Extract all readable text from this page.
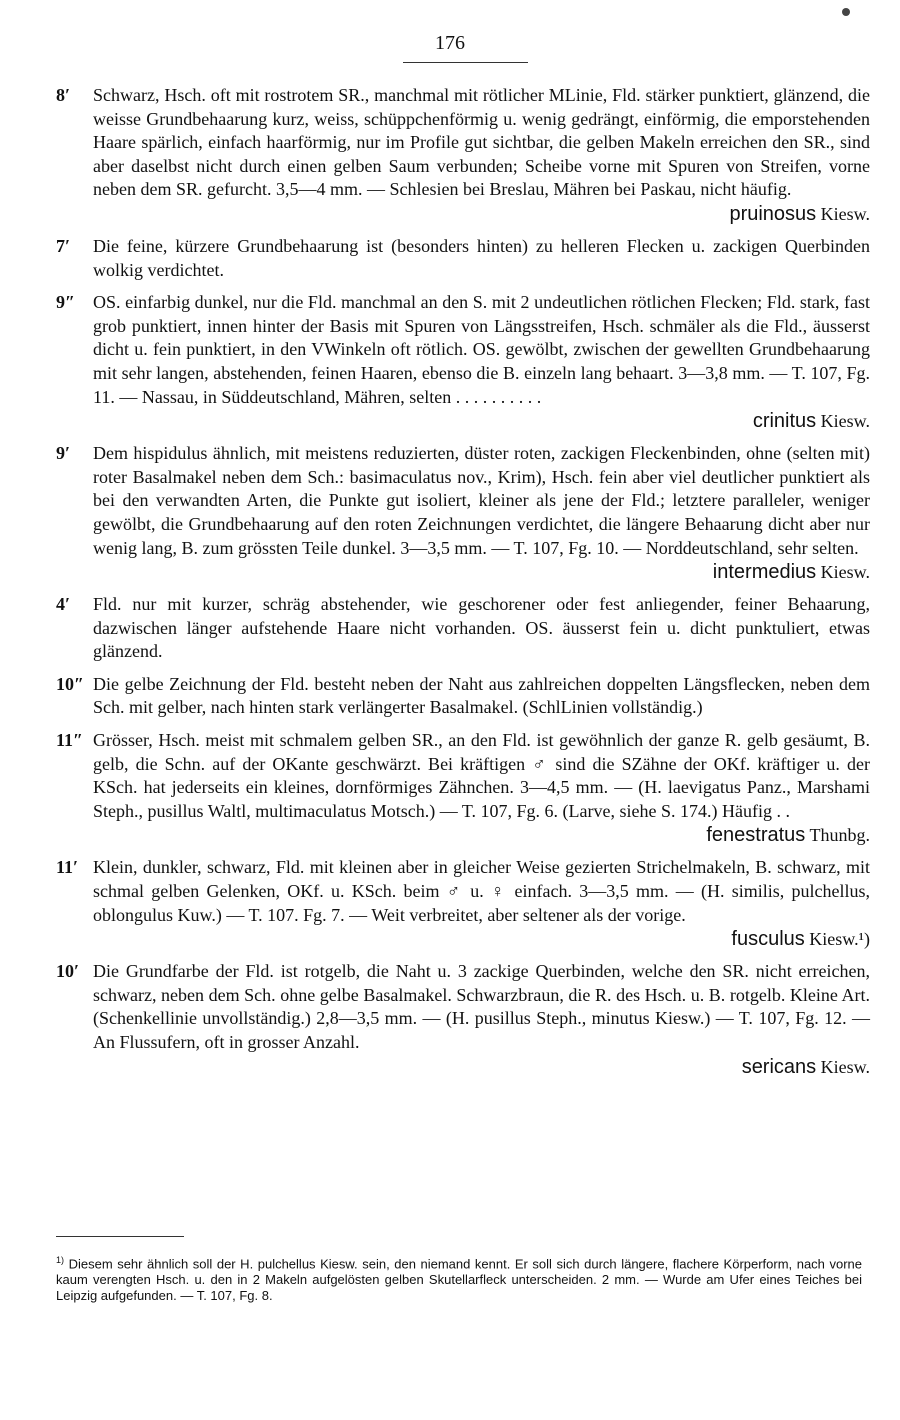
176
8′ Schwarz, Hsch. oft mit rostrotem SR., manchmal mit rötlicher MLinie, Fld. stärker punktiert, glänzend, die weisse Grundbehaarung kurz, weiss, schüppchenförmig u. wenig gedrängt, einförmig, die emporstehenden Haare spärlich, einfach haarförmig, nur im Profile gut sichtbar, die gelben Makeln erreichen den SR., sind aber daselbst nicht durch einen gelben Saum verbunden; Scheibe vorne mit Spuren von Streifen, vorne neben dem SR. gefurcht. 3,5—4 mm. — Schlesien bei Breslau, Mähren bei Paskau, nicht häufig.
pruinosus Kiesw.
7′ Die feine, kürzere Grundbehaarung ist (besonders hinten) zu helleren Flecken u. zackigen Querbinden wolkig verdichtet.
9″ OS. einfarbig dunkel, nur die Fld. manchmal an den S. mit 2 undeutlichen rötlichen Flecken; Fld. stark, fast grob punktiert, innen hinter der Basis mit Spuren von Längsstreifen, Hsch. schmäler als die Fld., äusserst dicht u. fein punktiert, in den VWinkeln oft rötlich. OS. gewölbt, zwischen der gewellten Grundbehaarung mit sehr langen, abstehenden, feinen Haaren, ebenso die B. einzeln lang behaart. 3—3,8 mm. — T. 107, Fg. 11. — Nassau, in Süddeutschland, Mähren, selten . . . . . . . . . .
crinitus Kiesw.
9′ Dem hispidulus ähnlich, mit meistens reduzierten, düster roten, zackigen Fleckenbinden, ohne (selten mit) roter Basalmakel neben dem Sch.: basimaculatus nov., Krim), Hsch. fein aber viel deutlicher punktiert als bei den verwandten Arten, die Punkte gut isoliert, kleiner als jene der Fld.; letztere paralleler, weniger gewölbt, die Grundbehaarung auf den roten Zeichnungen verdichtet, die längere Behaarung dicht aber nur wenig lang, B. zum grössten Teile dunkel. 3—3,5 mm. — T. 107, Fg. 10. — Norddeutschland, sehr selten.
intermedius Kiesw.
4′ Fld. nur mit kurzer, schräg abstehender, wie geschorener oder fest anliegender, feiner Behaarung, dazwischen länger aufstehende Haare nicht vorhanden. OS. äusserst fein u. dicht punktuliert, etwas glänzend.
10″ Die gelbe Zeichnung der Fld. besteht neben der Naht aus zahlreichen doppelten Längsflecken, neben dem Sch. mit gelber, nach hinten stark verlängerter Basalmakel. (SchlLinien vollständig.)
11″ Grösser, Hsch. meist mit schmalem gelben SR., an den Fld. ist gewöhnlich der ganze R. gelb gesäumt, B. gelb, die Schn. auf der OKante geschwärzt. Bei kräftigen ♂ sind die SZähne der OKf. kräftiger u. der KSch. hat jederseits ein kleines, dornförmiges Zähnchen. 3—4,5 mm. — (H. laevigatus Panz., Marshami Steph., pusillus Waltl, multimaculatus Motsch.) — T. 107, Fg. 6. (Larve, siehe S. 174.) Häufig . .
fenestratus Thunbg.
11′ Klein, dunkler, schwarz, Fld. mit kleinen aber in gleicher Weise gezierten Strichelmakeln, B. schwarz, mit schmal gelben Gelenken, OKf. u. KSch. beim ♂ u. ♀ einfach. 3—3,5 mm. — (H. similis, pulchellus, oblongulus Kuw.) — T. 107. Fg. 7. — Weit verbreitet, aber seltener als der vorige.
fusculus Kiesw.¹)
10′ Die Grundfarbe der Fld. ist rotgelb, die Naht u. 3 zackige Querbinden, welche den SR. nicht erreichen, schwarz, neben dem Sch. ohne gelbe Basalmakel. Schwarzbraun, die R. des Hsch. u. B. rotgelb. Kleine Art. (Schenkellinie unvollständig.) 2,8—3,5 mm. — (H. pusillus Steph., minutus Kiesw.) — T. 107, Fg. 12. — An Flussufern, oft in grosser Anzahl.
sericans Kiesw.
$^{1)}$ Diesem sehr ähnlich soll der H. pulchellus Kiesw. sein, den niemand kennt. Er soll sich durch längere, flachere Körperform, nach vorne kaum verengten Hsch. u. den in 2 Makeln aufgelösten gelben Skutellarfleck unterscheiden. 2 mm. — Wurde am Ufer eines Teiches bei Leipzig aufgefunden. — T. 107, Fg. 8.
